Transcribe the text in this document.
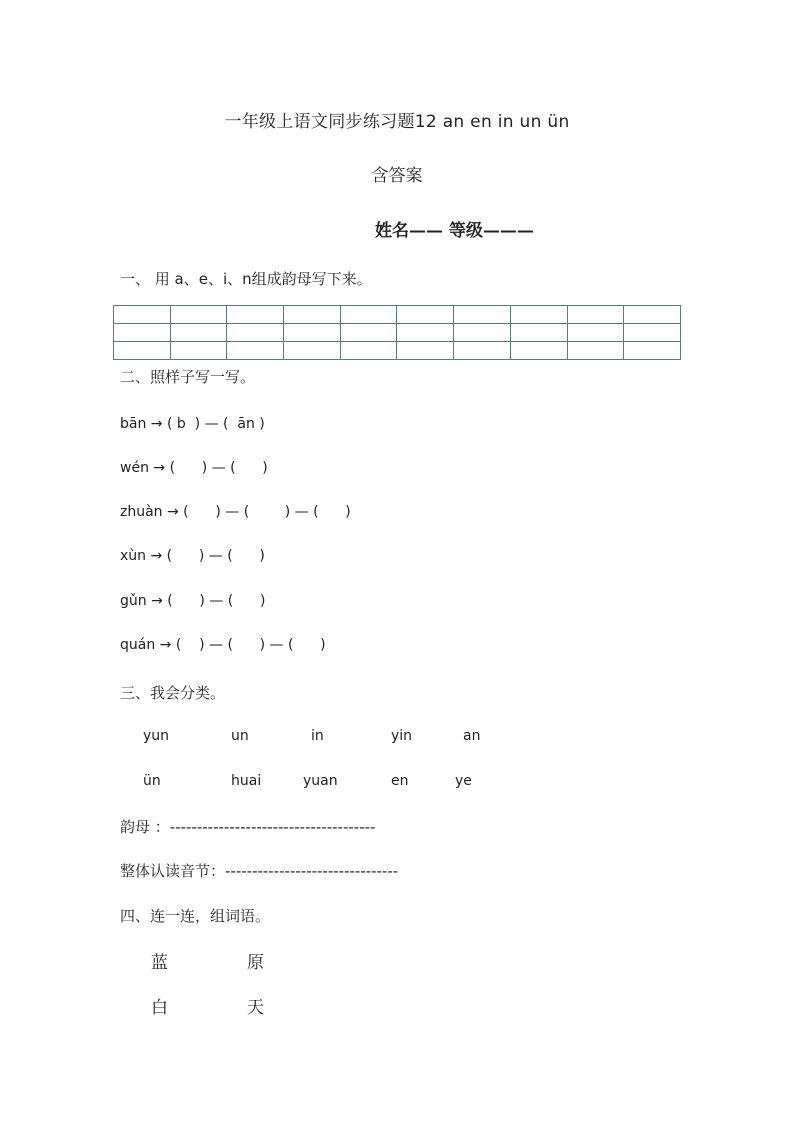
一年级上语文同步练习题12 an en in un ün
含答案
姓名—— 等级———
一、 用 a、e、i、n组成韵母写下来。

二、照样子写一写。
bān → ( b  ) — (  ān )
wén → (      ) — (      )
zhuàn → (      ) — (        ) — (      )
xùn → (      ) — (      )
gǔn → (      ) — (      )
quán → (    ) — (      ) — (      )
三、我会分类。
yun	un	in	yin	an
ün	huai	yuan	en	ye
韵母 ：--------------------------------------
整体认读音节：--------------------------------
四、连一连，组词语。
蓝	原
白	天
